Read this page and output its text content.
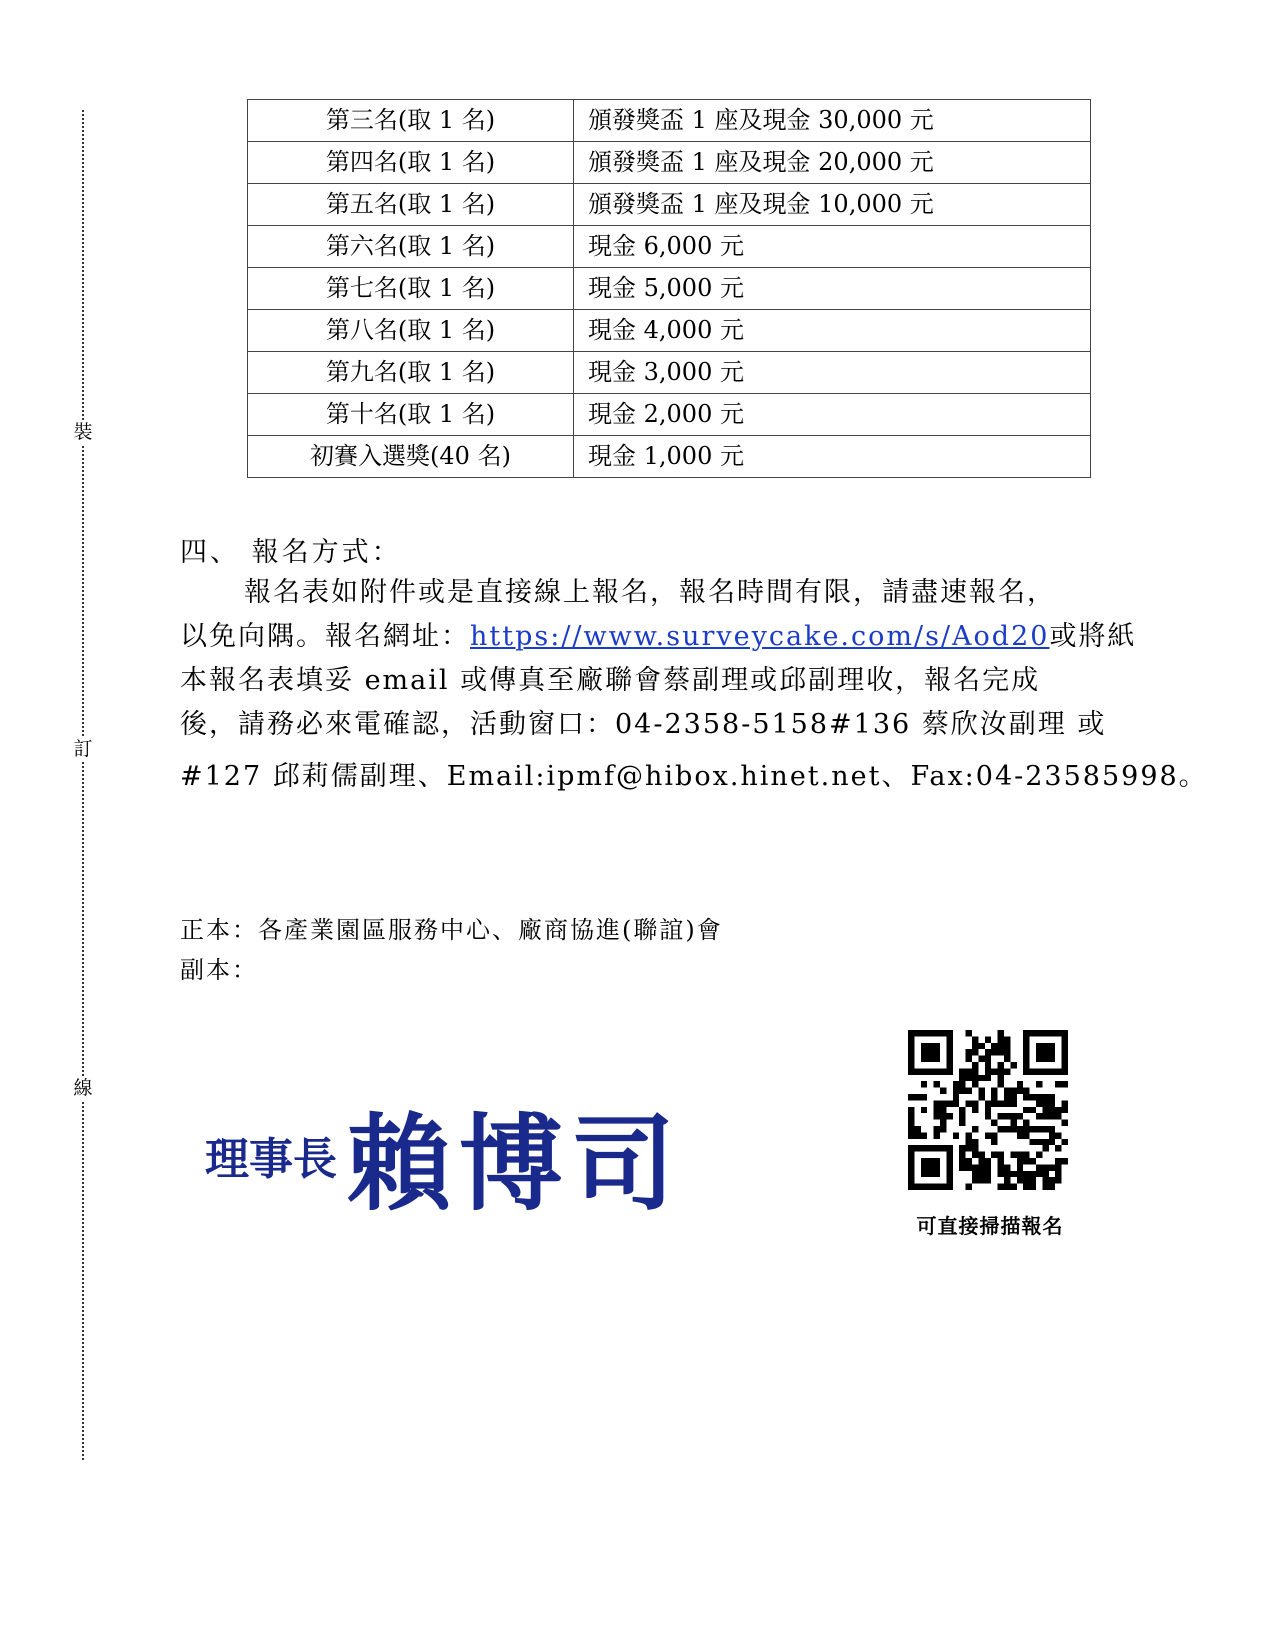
裝
訂
線
第三名(取 1 名)	頒發獎盃 1 座及現金 30,000 元
第四名(取 1 名)	頒發獎盃 1 座及現金 20,000 元
第五名(取 1 名)	頒發獎盃 1 座及現金 10,000 元
第六名(取 1 名)	現金 6,000 元
第七名(取 1 名)	現金 5,000 元
第八名(取 1 名)	現金 4,000 元
第九名(取 1 名)	現金 3,000 元
第十名(取 1 名)	現金 2,000 元
初賽入選獎(40 名)	現金 1,000 元
四、 報名方式：
報名表如附件或是直接線上報名，報名時間有限，請盡速報名，
以免向隅。報名網址：https://www.surveycake.com/s/Aod20或將紙
本報名表填妥 email 或傳真至廠聯會蔡副理或邱副理收，報名完成
後，請務必來電確認，活動窗口：04-2358-5158#136 蔡欣汝副理 或
#127 邱莉儒副理、Email:ipmf@hibox.hinet.net、Fax:04-23585998。
正本：各產業園區服務中心、廠商協進(聯誼)會
副本：
理事長賴博司
可直接掃描報名
